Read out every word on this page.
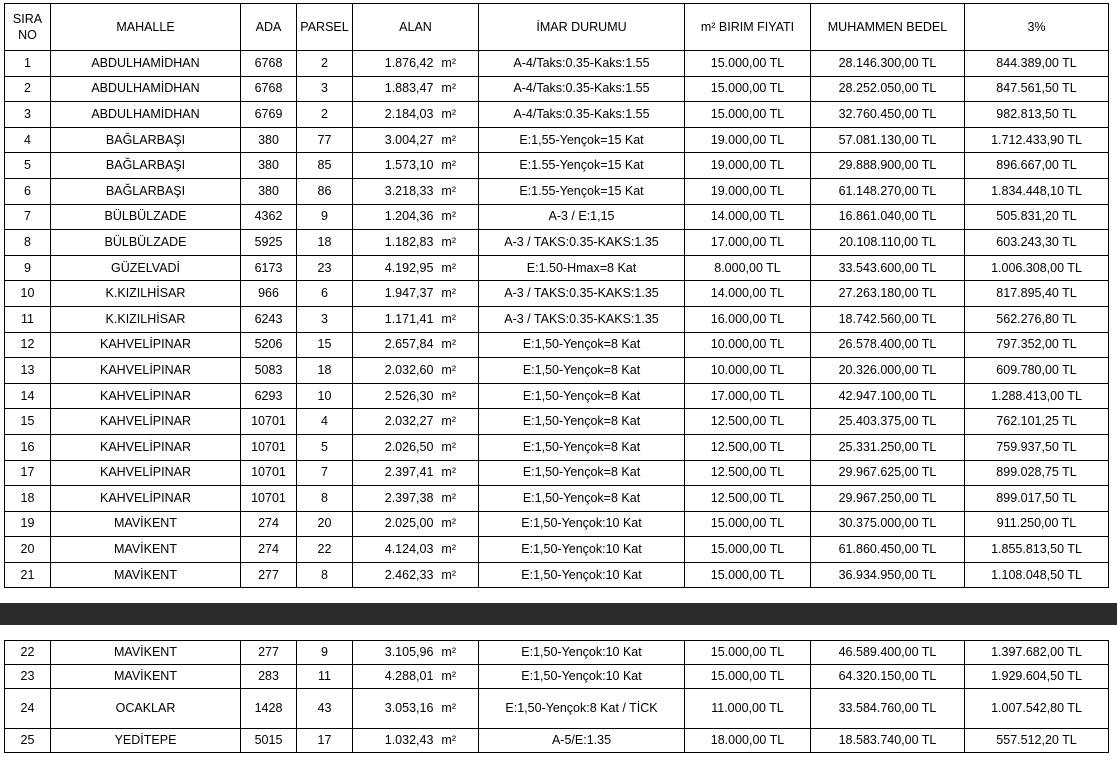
SIRA NO	MAHALLE	ADA	PARSEL	ALAN	İMAR DURUMU	m² BIRIM FIYATI	MUHAMMEN BEDEL	3%
1	ABDULHAMİDHAN	6768	2	1.876,42 m²	A-4/Taks:0.35-Kaks:1.55	15.000,00 TL	28.146.300,00 TL	844.389,00 TL
2	ABDULHAMİDHAN	6768	3	1.883,47 m²	A-4/Taks:0.35-Kaks:1.55	15.000,00 TL	28.252.050,00 TL	847.561,50 TL
3	ABDULHAMİDHAN	6769	2	2.184,03 m²	A-4/Taks:0.35-Kaks:1.55	15.000,00 TL	32.760.450,00 TL	982.813,50 TL
4	BAĞLARBAŞI	380	77	3.004,27 m²	E:1,55-Yençok=15 Kat	19.000,00 TL	57.081.130,00 TL	1.712.433,90 TL
5	BAĞLARBAŞI	380	85	1.573,10 m²	E:1.55-Yençok=15 Kat	19.000,00 TL	29.888.900,00 TL	896.667,00 TL
6	BAĞLARBAŞI	380	86	3.218,33 m²	E:1.55-Yençok=15 Kat	19.000,00 TL	61.148.270,00 TL	1.834.448,10 TL
7	BÜLBÜLZADE	4362	9	1.204,36 m²	A-3 / E:1,15	14.000,00 TL	16.861.040,00 TL	505.831,20 TL
8	BÜLBÜLZADE	5925	18	1.182,83 m²	A-3 / TAKS:0.35-KAKS:1.35	17.000,00 TL	20.108.110,00 TL	603.243,30 TL
9	GÜZELVADİ	6173	23	4.192,95 m²	E:1.50-Hmax=8 Kat	8.000,00 TL	33.543.600,00 TL	1.006.308,00 TL
10	K.KIZILHİSAR	966	6	1.947,37 m²	A-3 / TAKS:0.35-KAKS:1.35	14.000,00 TL	27.263.180,00 TL	817.895,40 TL
11	K.KIZILHİSAR	6243	3	1.171,41 m²	A-3 / TAKS:0.35-KAKS:1.35	16.000,00 TL	18.742.560,00 TL	562.276,80 TL
12	KAHVELİPINAR	5206	15	2.657,84 m²	E:1,50-Yençok=8 Kat	10.000,00 TL	26.578.400,00 TL	797.352,00 TL
13	KAHVELİPINAR	5083	18	2.032,60 m²	E:1,50-Yençok=8 Kat	10.000,00 TL	20.326.000,00 TL	609.780,00 TL
14	KAHVELİPINAR	6293	10	2.526,30 m²	E:1,50-Yençok=8 Kat	17.000,00 TL	42.947.100,00 TL	1.288.413,00 TL
15	KAHVELİPINAR	10701	4	2.032,27 m²	E:1,50-Yençok=8 Kat	12.500,00 TL	25.403.375,00 TL	762.101,25 TL
16	KAHVELİPINAR	10701	5	2.026,50 m²	E:1,50-Yençok=8 Kat	12.500,00 TL	25.331.250,00 TL	759.937,50 TL
17	KAHVELİPINAR	10701	7	2.397,41 m²	E:1,50-Yençok=8 Kat	12.500,00 TL	29.967.625,00 TL	899.028,75 TL
18	KAHVELİPINAR	10701	8	2.397,38 m²	E:1,50-Yençok=8 Kat	12.500,00 TL	29.967.250,00 TL	899.017,50 TL
19	MAVİKENT	274	20	2.025,00 m²	E:1,50-Yençok:10 Kat	15.000,00 TL	30.375.000,00 TL	911.250,00 TL
20	MAVİKENT	274	22	4.124,03 m²	E:1,50-Yençok:10 Kat	15.000,00 TL	61.860.450,00 TL	1.855.813,50 TL
21	MAVİKENT	277	8	2.462,33 m²	E:1,50-Yençok:10 Kat	15.000,00 TL	36.934.950,00 TL	1.108.048,50 TL
22	MAVİKENT	277	9	3.105,96 m²	E:1,50-Yençok:10 Kat	15.000,00 TL	46.589.400,00 TL	1.397.682,00 TL
23	MAVİKENT	283	11	4.288,01 m²	E:1,50-Yençok:10 Kat	15.000,00 TL	64.320.150,00 TL	1.929.604,50 TL
24	OCAKLAR	1428	43	3.053,16 m²	E:1,50-Yençok:8 Kat / TİCK	11.000,00 TL	33.584.760,00 TL	1.007.542,80 TL
25	YEDİTEPE	5015	17	1.032,43 m²	A-5/E:1.35	18.000,00 TL	18.583.740,00 TL	557.512,20 TL
